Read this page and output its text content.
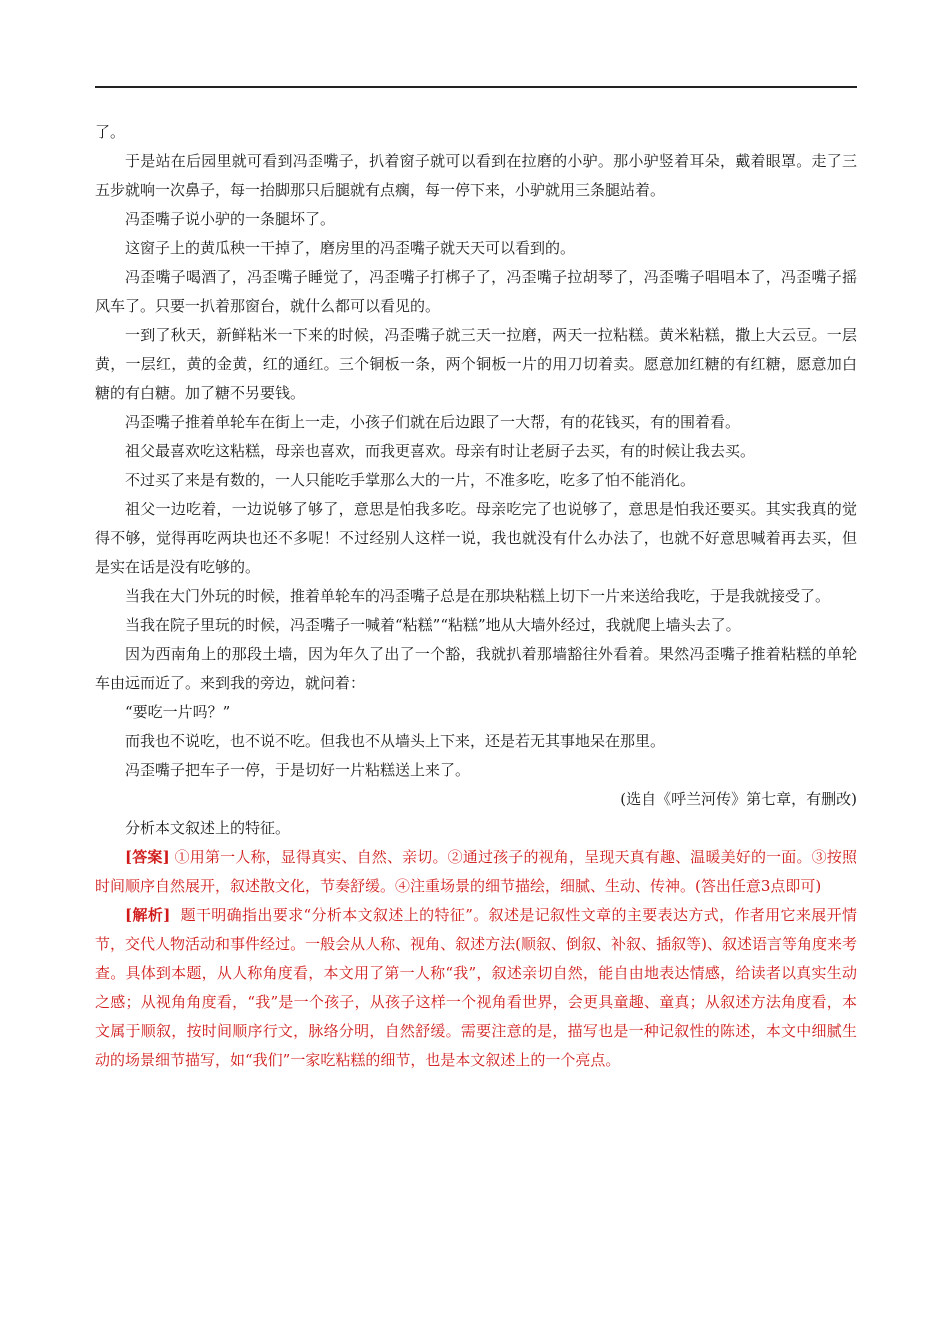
了。

于是站在后园里就可看到冯歪嘴子，扒着窗子就可以看到在拉磨的小驴。那小驴竖着耳朵，戴着眼罩。走了三五步就响一次鼻子，每一抬脚那只后腿就有点瘸，每一停下来，小驴就用三条腿站着。

冯歪嘴子说小驴的一条腿坏了。

这窗子上的黄瓜秧一干掉了，磨房里的冯歪嘴子就天天可以看到的。

冯歪嘴子喝酒了，冯歪嘴子睡觉了，冯歪嘴子打梆子了，冯歪嘴子拉胡琴了，冯歪嘴子唱唱本了，冯歪嘴子摇风车了。只要一扒着那窗台，就什么都可以看见的。

一到了秋天，新鲜粘米一下来的时候，冯歪嘴子就三天一拉磨，两天一拉粘糕。黄米粘糕，撒上大云豆。一层黄，一层红，黄的金黄，红的通红。三个铜板一条，两个铜板一片的用刀切着卖。愿意加红糖的有红糖，愿意加白糖的有白糖。加了糖不另要钱。

冯歪嘴子推着单轮车在街上一走，小孩子们就在后边跟了一大帮，有的花钱买，有的围着看。

祖父最喜欢吃这粘糕，母亲也喜欢，而我更喜欢。母亲有时让老厨子去买，有的时候让我去买。

不过买了来是有数的，一人只能吃手掌那么大的一片，不准多吃，吃多了怕不能消化。

祖父一边吃着，一边说够了够了，意思是怕我多吃。母亲吃完了也说够了，意思是怕我还要买。其实我真的觉得不够，觉得再吃两块也还不多呢！不过经别人这样一说，我也就没有什么办法了，也就不好意思喊着再去买，但是实在话是没有吃够的。

当我在大门外玩的时候，推着单轮车的冯歪嘴子总是在那块粘糕上切下一片来送给我吃，于是我就接受了。

当我在院子里玩的时候，冯歪嘴子一喊着“粘糕”“粘糕”地从大墙外经过，我就爬上墙头去了。

因为西南角上的那段土墙，因为年久了出了一个豁，我就扒着那墙豁往外看着。果然冯歪嘴子推着粘糕的单轮车由远而近了。来到我的旁边，就问着：

“要吃一片吗？”

而我也不说吃，也不说不吃。但我也不从墙头上下来，还是若无其事地呆在那里。

冯歪嘴子把车子一停，于是切好一片粘糕送上来了。

(选自《呼兰河传》第七章，有删改)

分析本文叙述上的特征。

[答案] ①用第一人称，显得真实、自然、亲切。②通过孩子的视角，呈现天真有趣、温暖美好的一面。③按照时间顺序自然展开，叙述散文化，节奏舒缓。④注重场景的细节描绘，细腻、生动、传神。(答出任意3点即可)

[解析] 题干明确指出要求“分析本文叙述上的特征”。叙述是记叙性文章的主要表达方式，作者用它来展开情节，交代人物活动和事件经过。一般会从人称、视角、叙述方法(顺叙、倒叙、补叙、插叙等)、叙述语言等角度来考查。具体到本题，从人称角度看，本文用了第一人称“我”，叙述亲切自然，能自由地表达情感，给读者以真实生动之感；从视角角度看，“我”是一个孩子，从孩子这样一个视角看世界，会更具童趣、童真；从叙述方法角度看，本文属于顺叙，按时间顺序行文，脉络分明，自然舒缓。需要注意的是，描写也是一种记叙性的陈述，本文中细腻生动的场景细节描写，如“我们”一家吃粘糕的细节，也是本文叙述上的一个亮点。
